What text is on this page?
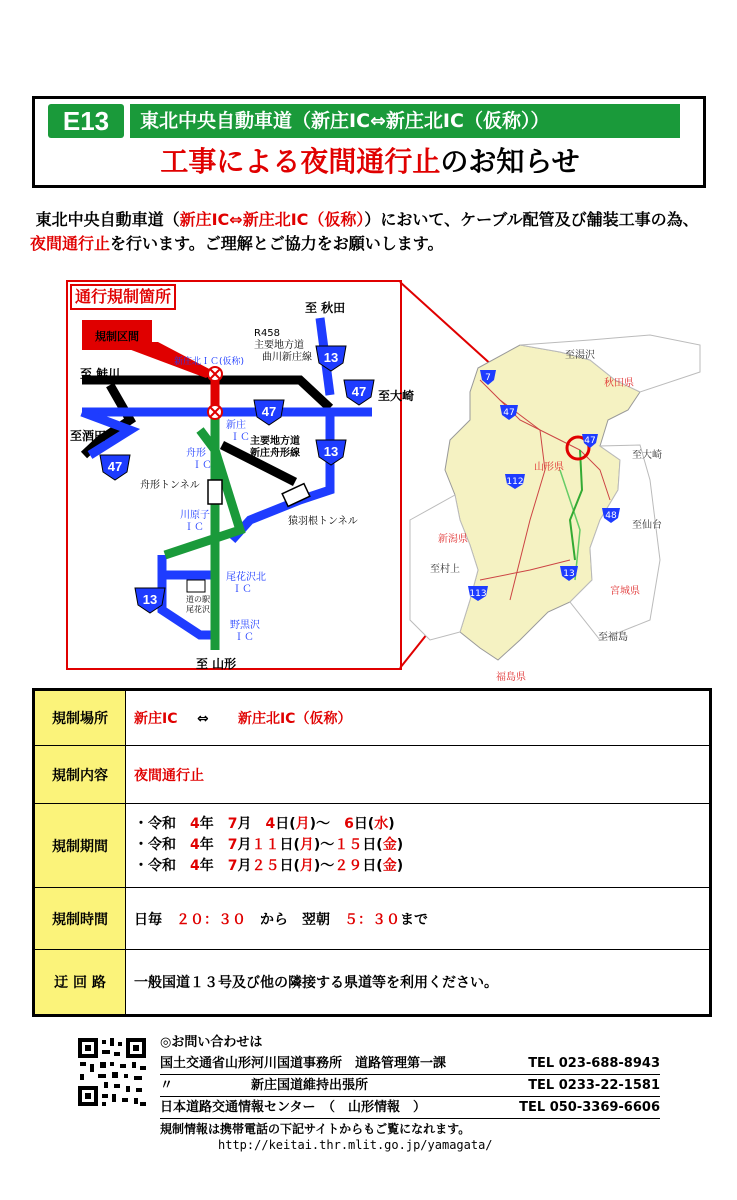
E13	東北中央自動車道（新庄IC⇔新庄北IC（仮称））
工事による夜間通行止のお知らせ
東北中央自動車道（新庄IC⇔新庄北IC（仮称））において、ケーブル配管及び舗装工事の為、夜間通行止を行います。ご理解とご協力をお願いします。
7
47
47
112
48
13
113
至湯沢
秋田県
山形県
至大崎
至仙台
新潟県
至村上
宮城県
至福島
福島県
13
47
47
13
47
13
規制区間
至 秋田
R458
主要地方道
曲川新庄線
新庄北ＩＣ(仮称)
至 鮭川
至大崎
新庄
ＩＣ 主要地方道
新庄舟形線
至酒田
舟形
ＩＣ
舟形トンネル
猿羽根トンネル
川原子
ＩＣ
尾花沢北
ＩＣ
道の駅
尾花沢
野黒沢
ＩＣ
至 山形
通行規制箇所
規制場所	新庄IC ⇔ 新庄北IC（仮称）
規制内容	夜間通行止
規制期間	・令和　4年　7月　4日(月)～　6日(水)
・令和　4年　7月１１日(月)～１５日(金)
・令和　4年　7月２５日(月)～２９日(金)

規制時間	日毎　２０：３０　から　翌朝　５：３０まで
迂 回 路	一般国道１３号及び他の隣接する県道等を利用ください。
◎お問い合わせは
国土交通省山形河川国道事務所　道路管理第一課	TEL 023-688-8943
〃　　　　　　新庄国道維持出張所	TEL 0233-22-1581
日本道路交通情報センター　（　山形情報　）	TEL 050-3369-6606
規制情報は携帯電話の下記サイトからもご覧になれます。
http://keitai.thr.mlit.go.jp/yamagata/
